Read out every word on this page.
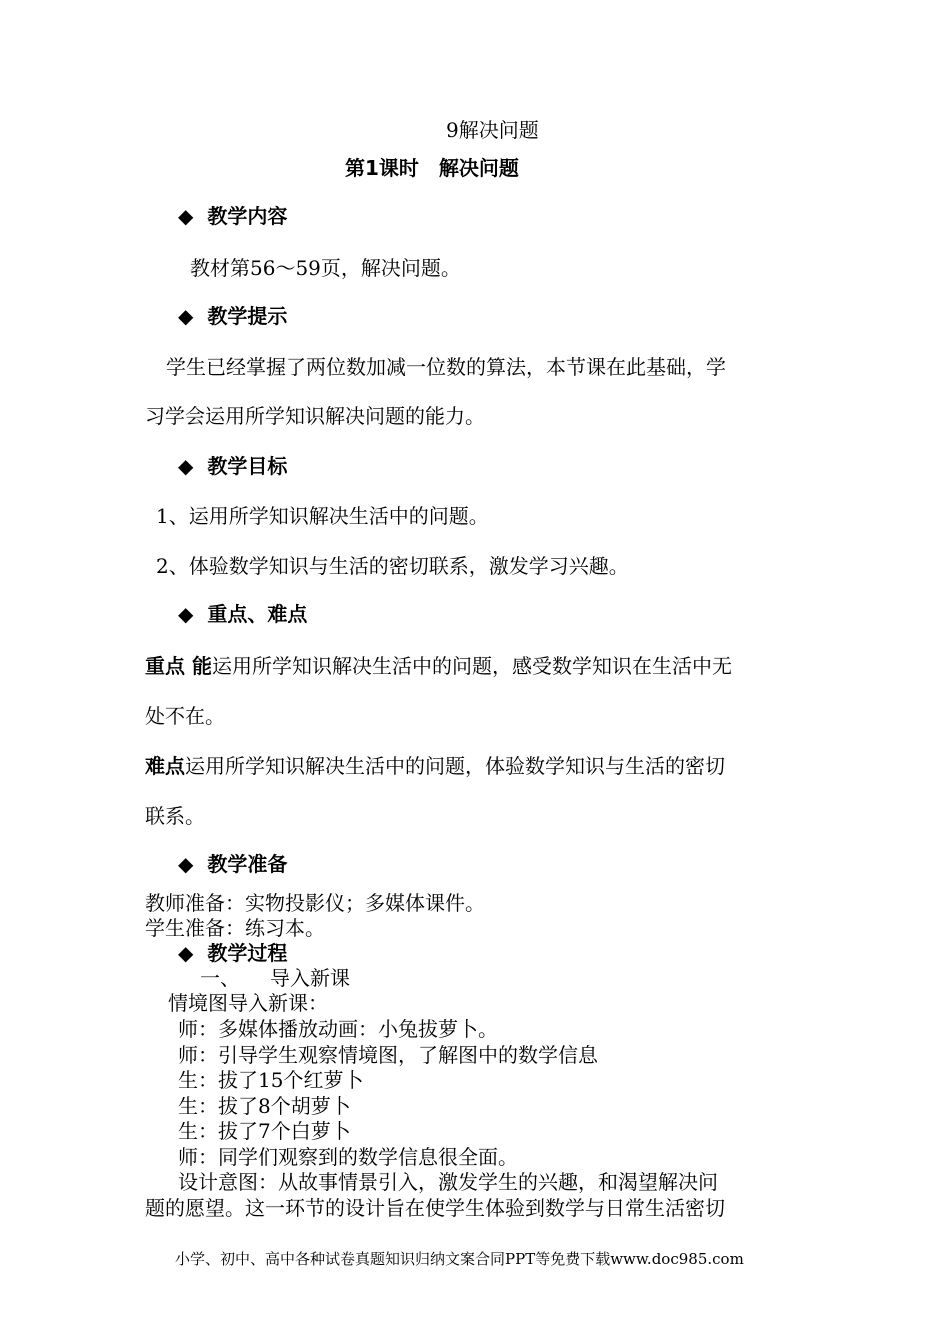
9解决问题
第1课时　解决问题
◆ 教学内容
教材第56～59页，解决问题。
◆ 教学提示
学生已经掌握了两位数加减一位数的算法，本节课在此基础，学
习学会运用所学知识解决问题的能力。
◆ 教学目标
1、运用所学知识解决生活中的问题。
2、体验数学知识与生活的密切联系，激发学习兴趣。
◆ 重点、难点
重点 能运用所学知识解决生活中的问题，感受数学知识在生活中无
处不在。
难点运用所学知识解决生活中的问题，体验数学知识与生活的密切
联系。
◆ 教学准备
教师准备：实物投影仪；多媒体课件。
学生准备：练习本。
◆ 教学过程
一、　　导入新课
情境图导入新课：
师：多媒体播放动画：小兔拔萝卜。
师：引导学生观察情境图，了解图中的数学信息
生：拔了15个红萝卜
生：拔了8个胡萝卜
生：拔了7个白萝卜
师：同学们观察到的数学信息很全面。
设计意图：从故事情景引入，激发学生的兴趣，和渴望解决问
题的愿望。这一环节的设计旨在使学生体验到数学与日常生活密切
小学、初中、高中各种试卷真题知识归纳文案合同PPT等免费下载www.doc985.com
